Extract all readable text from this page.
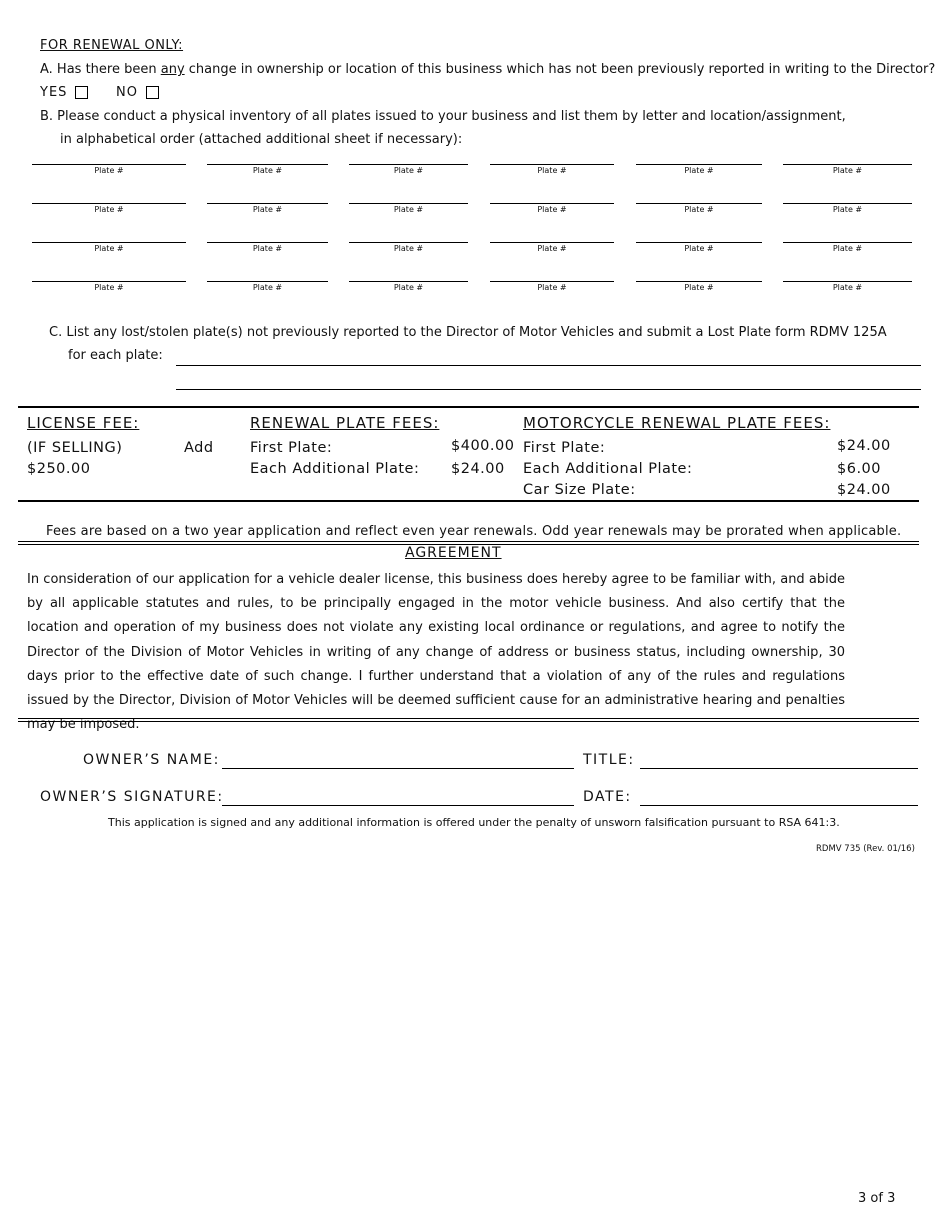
FOR RENEWAL ONLY:
A. Has there been any change in ownership or location of this business which has not been previously reported in writing to the Director?
YES	NO
B. Please conduct a physical inventory of all plates issued to your business and list them by letter and location/assignment,
in alphabetical order (attached additional sheet if necessary):
Plate #	Plate #	Plate #	Plate #	Plate #	Plate #
Plate #	Plate #	Plate #	Plate #	Plate #	Plate #
Plate #	Plate #	Plate #	Plate #	Plate #	Plate #
Plate #	Plate #	Plate #	Plate #	Plate #	Plate #
C. List any lost/stolen plate(s) not previously reported to the Director of Motor Vehicles and submit a Lost Plate form RDMV 125A
for each plate:
LICENSE FEE:
(IF SELLING)	Add
$250.00
RENEWAL PLATE FEES:
First Plate:	$400.00
Each Additional Plate: $24.00
MOTORCYCLE RENEWAL PLATE FEES:
First Plate:	$24.00
Each Additional Plate:	$6.00
Car Size Plate:	$24.00
Fees are based on a two year application and reflect even year renewals. Odd year renewals may be prorated when applicable.
AGREEMENT
In consideration of our application for a vehicle dealer license, this business does hereby agree to be familiar with, and abide by all applicable statutes and rules, to be principally engaged in the motor vehicle business. And also certify that the location and operation of my business does not violate any existing local ordinance or regulations, and agree to notify the Director of the Division of Motor Vehicles in writing of any change of address or business status, including ownership, 30 days prior to the effective date of such change. I further understand that a violation of any of the rules and regulations issued by the Director, Division of Motor Vehicles will be deemed sufficient cause for an administrative hearing and penalties may be imposed.
OWNER’S NAME:	TITLE:
OWNER’S SIGNATURE:	DATE:
This application is signed and any additional information is offered under the penalty of unsworn falsification pursuant to RSA 641:3.
RDMV 735 (Rev. 01/16)
3 of 3
